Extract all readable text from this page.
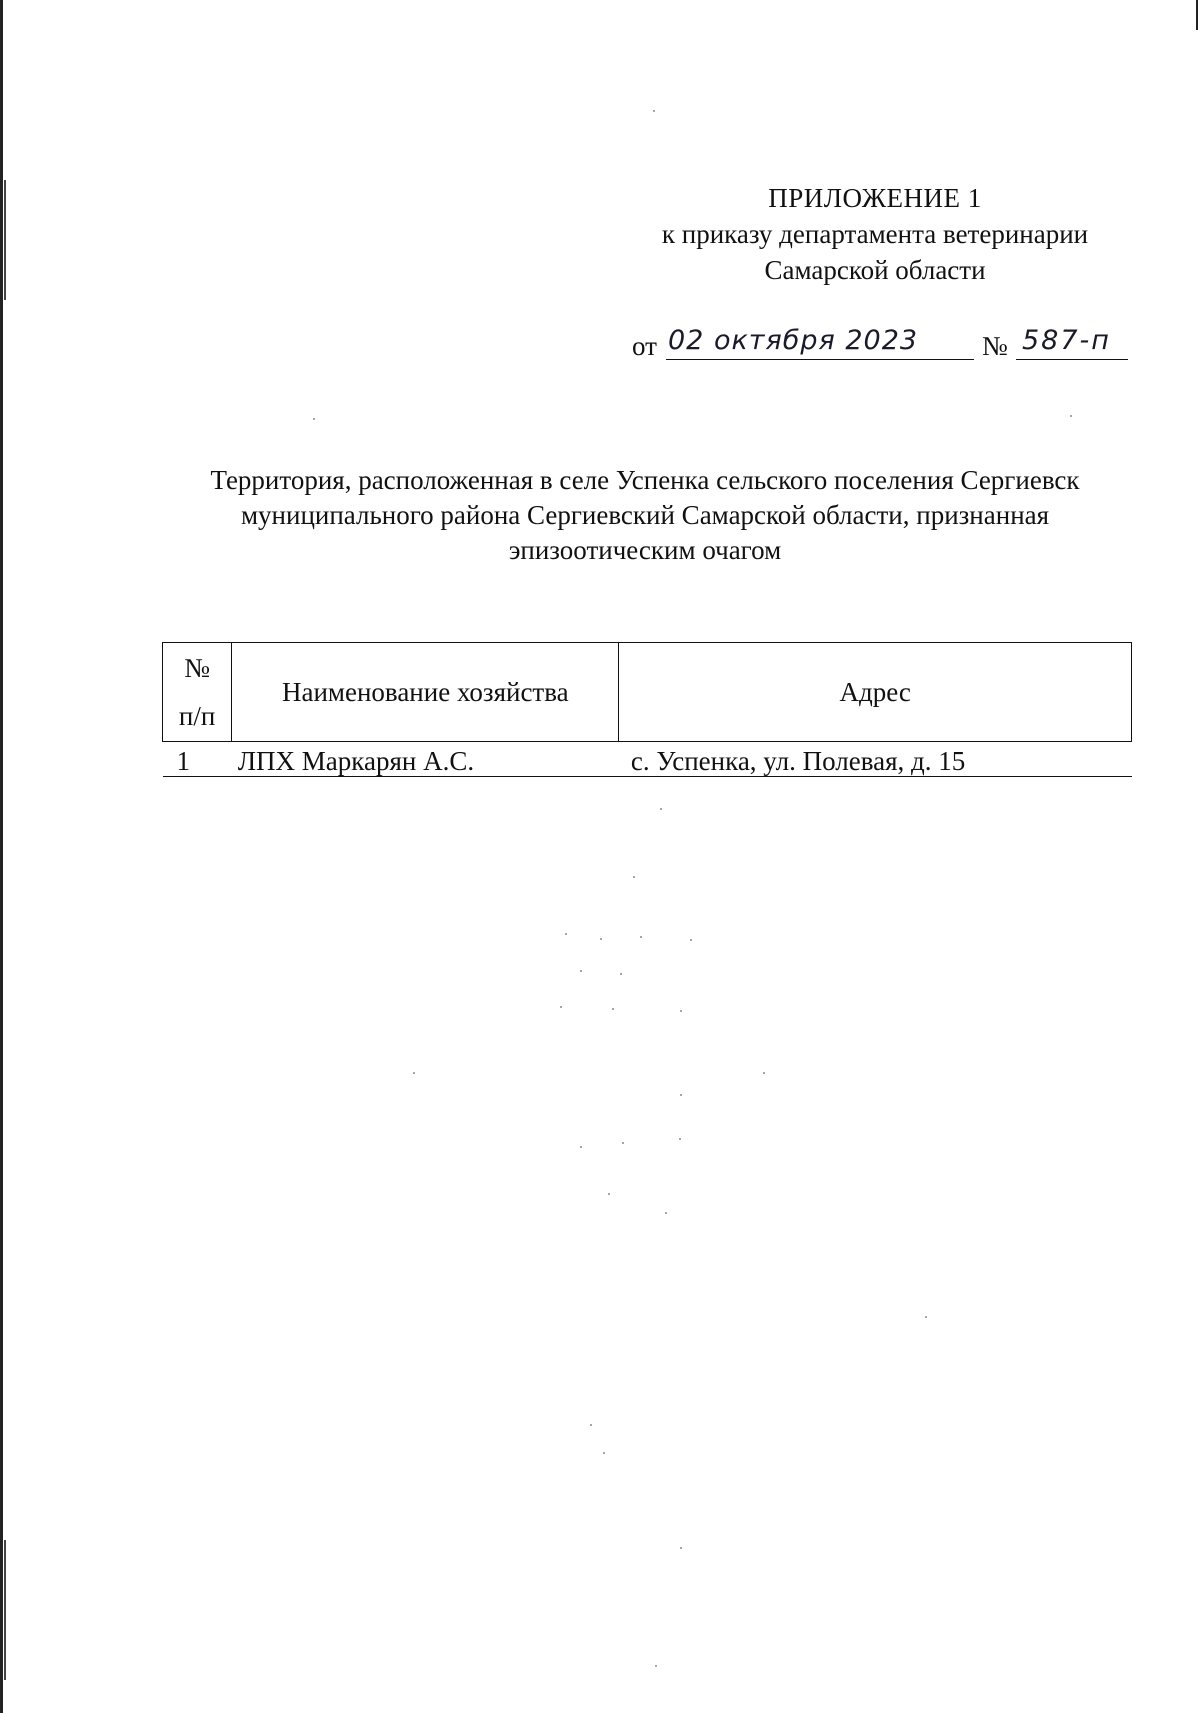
ПРИЛОЖЕНИЕ 1
к приказу департамента ветеринарии
Самарской области
от 02 октября 2023 № 587-п
Территория, расположенная в селе Успенка сельского поселения Сергиевск
муниципального района Сергиевский Самарской области, признанная
эпизоотическим очагом
№
п/п	Наименование хозяйства	Адрес
1	ЛПХ Маркарян А.С.	с. Успенка, ул. Полевая, д. 15
